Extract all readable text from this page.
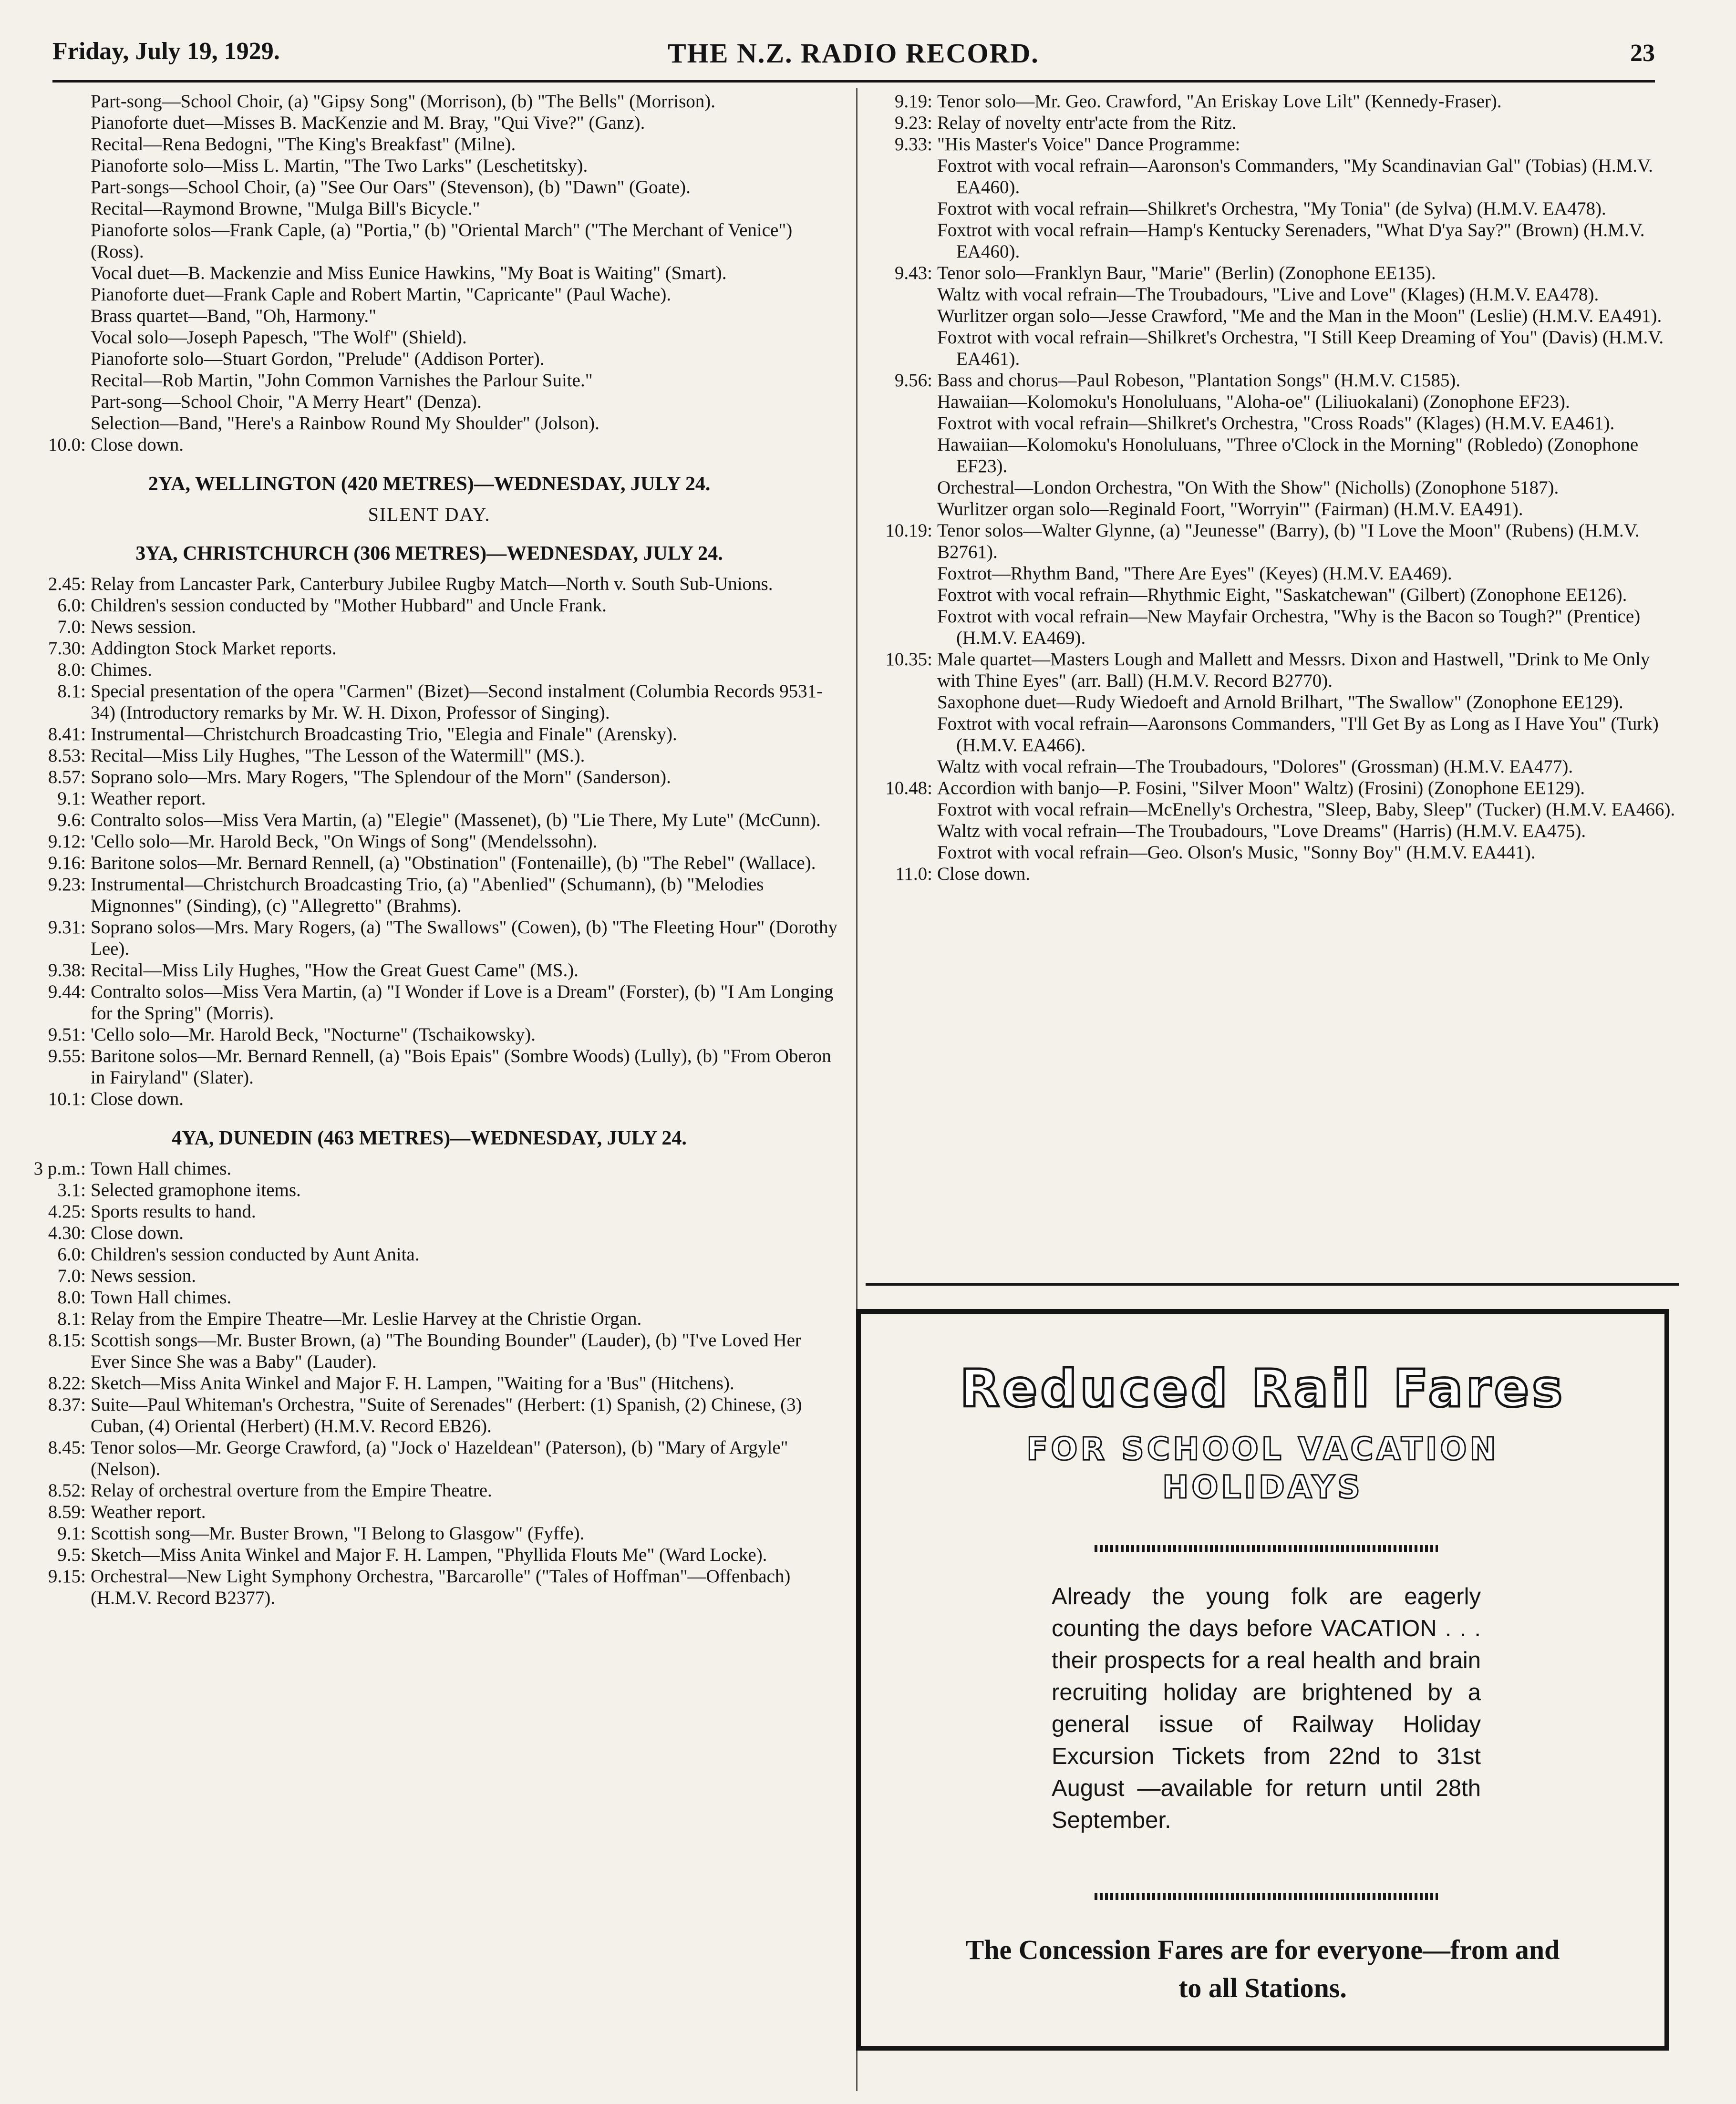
Friday, July 19, 1929.	THE N.Z. RADIO RECORD.	23
Part-song—School Choir, (a) "Gipsy Song" (Morrison), (b) "The Bells" (Morrison).
Pianoforte duet—Misses B. MacKenzie and M. Bray, "Qui Vive?" (Ganz).
Recital—Rena Bedogni, "The King's Breakfast" (Milne).
Pianoforte solo—Miss L. Martin, "The Two Larks" (Leschetitsky).
Part-songs—School Choir, (a) "See Our Oars" (Stevenson), (b) "Dawn" (Goate).
Recital—Raymond Browne, "Mulga Bill's Bicycle."
Pianoforte solos—Frank Caple, (a) "Portia," (b) "Oriental March" ("The Merchant of Venice") (Ross).
Vocal duet—B. Mackenzie and Miss Eunice Hawkins, "My Boat is Waiting" (Smart).
Pianoforte duet—Frank Caple and Robert Martin, "Capricante" (Paul Wache).
Brass quartet—Band, "Oh, Harmony."
Vocal solo—Joseph Papesch, "The Wolf" (Shield).
Pianoforte solo—Stuart Gordon, "Prelude" (Addison Porter).
Recital—Rob Martin, "John Common Varnishes the Parlour Suite."
Part-song—School Choir, "A Merry Heart" (Denza).
Selection—Band, "Here's a Rainbow Round My Shoulder" (Jolson).
10.0: Close down.
2YA, WELLINGTON (420 METRES)—WEDNESDAY, JULY 24.
SILENT DAY.
3YA, CHRISTCHURCH (306 METRES)—WEDNESDAY, JULY 24.
2.45: Relay from Lancaster Park, Canterbury Jubilee Rugby Match—North v. South Sub-Unions.
6.0: Children's session conducted by "Mother Hubbard" and Uncle Frank.
7.0: News session.
7.30: Addington Stock Market reports.
8.0: Chimes.
8.1: Special presentation of the opera "Carmen" (Bizet)—Second instalment (Columbia Records 9531-34) (Introductory remarks by Mr. W. H. Dixon, Professor of Singing).
8.41: Instrumental—Christchurch Broadcasting Trio, "Elegia and Finale" (Arensky).
8.53: Recital—Miss Lily Hughes, "The Lesson of the Watermill" (MS.).
8.57: Soprano solo—Mrs. Mary Rogers, "The Splendour of the Morn" (Sanderson).
9.1: Weather report.
9.6: Contralto solos—Miss Vera Martin, (a) "Elegie" (Massenet), (b) "Lie There, My Lute" (McCunn).
9.12: 'Cello solo—Mr. Harold Beck, "On Wings of Song" (Mendelssohn).
9.16: Baritone solos—Mr. Bernard Rennell, (a) "Obstination" (Fontenaille), (b) "The Rebel" (Wallace).
9.23: Instrumental—Christchurch Broadcasting Trio, (a) "Abenlied" (Schumann), (b) "Melodies Mignonnes" (Sinding), (c) "Allegretto" (Brahms).
9.31: Soprano solos—Mrs. Mary Rogers, (a) "The Swallows" (Cowen), (b) "The Fleeting Hour" (Dorothy Lee).
9.38: Recital—Miss Lily Hughes, "How the Great Guest Came" (MS.).
9.44: Contralto solos—Miss Vera Martin, (a) "I Wonder if Love is a Dream" (Forster), (b) "I Am Longing for the Spring" (Morris).
9.51: 'Cello solo—Mr. Harold Beck, "Nocturne" (Tschaikowsky).
9.55: Baritone solos—Mr. Bernard Rennell, (a) "Bois Epais" (Sombre Woods) (Lully), (b) "From Oberon in Fairyland" (Slater).
10.1: Close down.
4YA, DUNEDIN (463 METRES)—WEDNESDAY, JULY 24.
3 p.m.: Town Hall chimes.
3.1: Selected gramophone items.
4.25: Sports results to hand.
4.30: Close down.
6.0: Children's session conducted by Aunt Anita.
7.0: News session.
8.0: Town Hall chimes.
8.1: Relay from the Empire Theatre—Mr. Leslie Harvey at the Christie Organ.
8.15: Scottish songs—Mr. Buster Brown, (a) "The Bounding Bounder" (Lauder), (b) "I've Loved Her Ever Since She was a Baby" (Lauder).
8.22: Sketch—Miss Anita Winkel and Major F. H. Lampen, "Waiting for a 'Bus" (Hitchens).
8.37: Suite—Paul Whiteman's Orchestra, "Suite of Serenades" (Herbert: (1) Spanish, (2) Chinese, (3) Cuban, (4) Oriental (Herbert) (H.M.V. Record EB26).
8.45: Tenor solos—Mr. George Crawford, (a) "Jock o' Hazeldean" (Paterson), (b) "Mary of Argyle" (Nelson).
8.52: Relay of orchestral overture from the Empire Theatre.
8.59: Weather report.
9.1: Scottish song—Mr. Buster Brown, "I Belong to Glasgow" (Fyffe).
9.5: Sketch—Miss Anita Winkel and Major F. H. Lampen, "Phyllida Flouts Me" (Ward Locke).
9.15: Orchestral—New Light Symphony Orchestra, "Barcarolle" ("Tales of Hoffman"—Offenbach) (H.M.V. Record B2377).
9.19: Tenor solo—Mr. Geo. Crawford, "An Eriskay Love Lilt" (Kennedy-Fraser).
9.23: Relay of novelty entr'acte from the Ritz.
9.33: "His Master's Voice" Dance Programme:
Foxtrot with vocal refrain—Aaronson's Commanders, "My Scandinavian Gal" (Tobias) (H.M.V. EA460).
Foxtrot with vocal refrain—Shilkret's Orchestra, "My Tonia" (de Sylva) (H.M.V. EA478).
Foxtrot with vocal refrain—Hamp's Kentucky Serenaders, "What D'ya Say?" (Brown) (H.M.V. EA460).
9.43: Tenor solo—Franklyn Baur, "Marie" (Berlin) (Zonophone EE135).
Waltz with vocal refrain—The Troubadours, "Live and Love" (Klages) (H.M.V. EA478).
Wurlitzer organ solo—Jesse Crawford, "Me and the Man in the Moon" (Leslie) (H.M.V. EA491).
Foxtrot with vocal refrain—Shilkret's Orchestra, "I Still Keep Dreaming of You" (Davis) (H.M.V. EA461).
9.56: Bass and chorus—Paul Robeson, "Plantation Songs" (H.M.V. C1585).
Hawaiian—Kolomoku's Honoluluans, "Aloha-oe" (Liliuokalani) (Zonophone EF23).
Foxtrot with vocal refrain—Shilkret's Orchestra, "Cross Roads" (Klages) (H.M.V. EA461).
Hawaiian—Kolomoku's Honoluluans, "Three o'Clock in the Morning" (Robledo) (Zonophone EF23).
Orchestral—London Orchestra, "On With the Show" (Nicholls) (Zonophone 5187).
Wurlitzer organ solo—Reginald Foort, "Worryin'" (Fairman) (H.M.V. EA491).
10.19: Tenor solos—Walter Glynne, (a) "Jeunesse" (Barry), (b) "I Love the Moon" (Rubens) (H.M.V. B2761).
Foxtrot—Rhythm Band, "There Are Eyes" (Keyes) (H.M.V. EA469).
Foxtrot with vocal refrain—Rhythmic Eight, "Saskatchewan" (Gilbert) (Zonophone EE126).
Foxtrot with vocal refrain—New Mayfair Orchestra, "Why is the Bacon so Tough?" (Prentice) (H.M.V. EA469).
10.35: Male quartet—Masters Lough and Mallett and Messrs. Dixon and Hastwell, "Drink to Me Only with Thine Eyes" (arr. Ball) (H.M.V. Record B2770).
Saxophone duet—Rudy Wiedoeft and Arnold Brilhart, "The Swallow" (Zonophone EE129).
Foxtrot with vocal refrain—Aaronsons Commanders, "I'll Get By as Long as I Have You" (Turk) (H.M.V. EA466).
Waltz with vocal refrain—The Troubadours, "Dolores" (Grossman) (H.M.V. EA477).
10.48: Accordion with banjo—P. Fosini, "Silver Moon" Waltz) (Frosini) (Zonophone EE129).
Foxtrot with vocal refrain—McEnelly's Orchestra, "Sleep, Baby, Sleep" (Tucker) (H.M.V. EA466).
Waltz with vocal refrain—The Troubadours, "Love Dreams" (Harris) (H.M.V. EA475).
Foxtrot with vocal refrain—Geo. Olson's Music, "Sonny Boy" (H.M.V. EA441).
11.0: Close down.
Reduced Rail Fares
FOR SCHOOL VACATION
HOLIDAYS
Already the young folk are eagerly counting the days before VACATION . . . their prospects for a real health and brain recruiting holiday are brightened by a general issue of Railway Holiday Excursion Tickets from 22nd to 31st August —available for return until 28th September.
The Concession Fares are for everyone—from and
to all Stations.
